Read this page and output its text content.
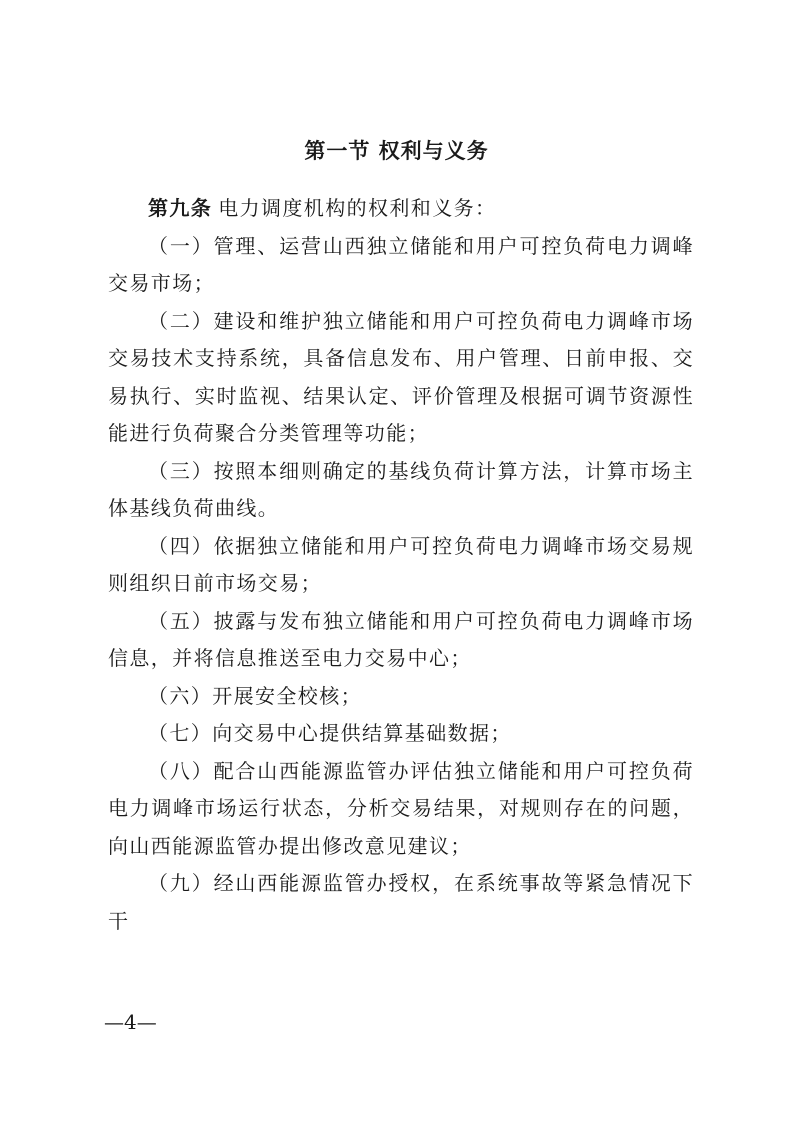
第一节 权利与义务

第九条 电力调度机构的权利和义务：

（一）管理、运营山西独立储能和用户可控负荷电力调峰交易市场；

（二）建设和维护独立储能和用户可控负荷电力调峰市场交易技术支持系统，具备信息发布、用户管理、日前申报、交易执行、实时监视、结果认定、评价管理及根据可调节资源性能进行负荷聚合分类管理等功能；

（三）按照本细则确定的基线负荷计算方法，计算市场主体基线负荷曲线。

（四）依据独立储能和用户可控负荷电力调峰市场交易规则组织日前市场交易；

（五）披露与发布独立储能和用户可控负荷电力调峰市场信息，并将信息推送至电力交易中心；

（六）开展安全校核；

（七）向交易中心提供结算基础数据；

（八）配合山西能源监管办评估独立储能和用户可控负荷电力调峰市场运行状态，分析交易结果，对规则存在的问题，向山西能源监管办提出修改意见建议；

（九）经山西能源监管办授权，在系统事故等紧急情况下干

—4—
